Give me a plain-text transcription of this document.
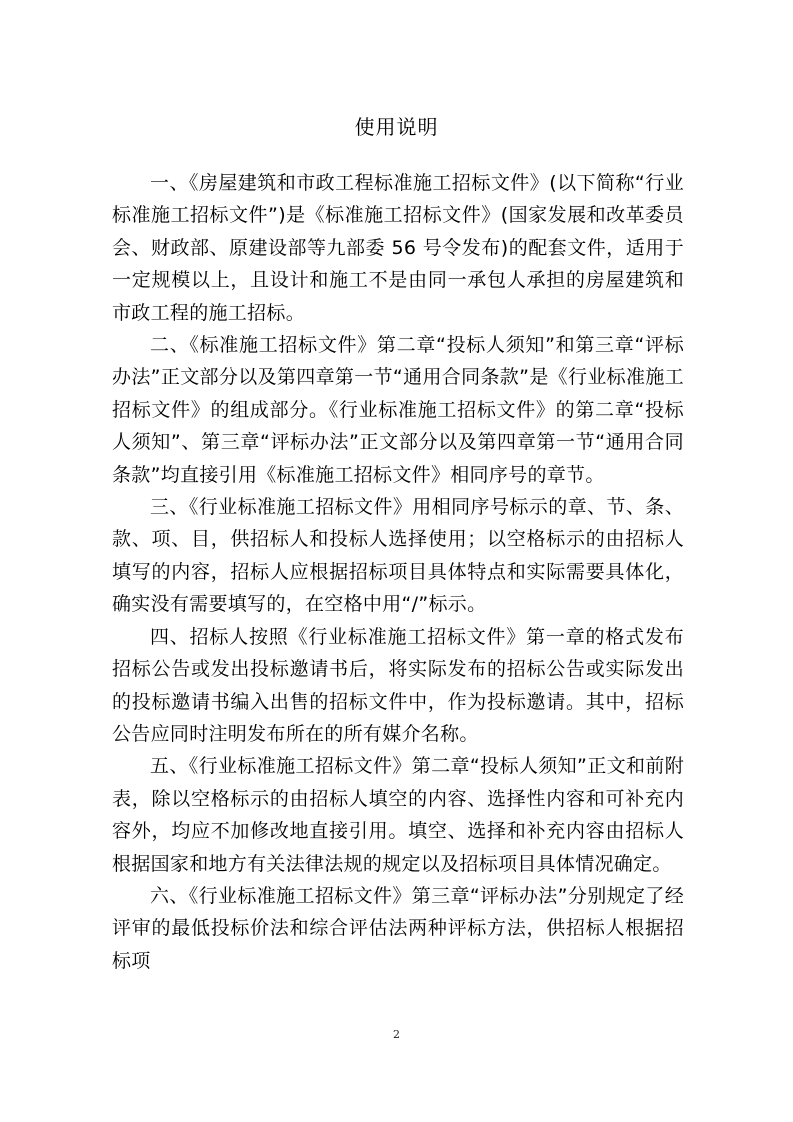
使用说明

一、《房屋建筑和市政工程标准施工招标文件》(以下简称“行业标准施工招标文件”)是《标准施工招标文件》(国家发展和改革委员会、财政部、原建设部等九部委 56 号令发布)的配套文件，适用于一定规模以上，且设计和施工不是由同一承包人承担的房屋建筑和市政工程的施工招标。

二、《标准施工招标文件》第二章“投标人须知”和第三章“评标办法”正文部分以及第四章第一节“通用合同条款”是《行业标准施工招标文件》的组成部分。《行业标准施工招标文件》的第二章“投标人须知”、第三章“评标办法”正文部分以及第四章第一节“通用合同条款”均直接引用《标准施工招标文件》相同序号的章节。

三、《行业标准施工招标文件》用相同序号标示的章、节、条、款、项、目，供招标人和投标人选择使用；以空格标示的由招标人填写的内容，招标人应根据招标项目具体特点和实际需要具体化，确实没有需要填写的，在空格中用“/”标示。

四、招标人按照《行业标准施工招标文件》第一章的格式发布招标公告或发出投标邀请书后，将实际发布的招标公告或实际发出的投标邀请书编入出售的招标文件中，作为投标邀请。其中，招标公告应同时注明发布所在的所有媒介名称。

五、《行业标准施工招标文件》第二章“投标人须知”正文和前附表，除以空格标示的由招标人填空的内容、选择性内容和可补充内容外，均应不加修改地直接引用。填空、选择和补充内容由招标人根据国家和地方有关法律法规的规定以及招标项目具体情况确定。

六、《行业标准施工招标文件》第三章“评标办法”分别规定了经评审的最低投标价法和综合评估法两种评标方法，供招标人根据招标项

2
